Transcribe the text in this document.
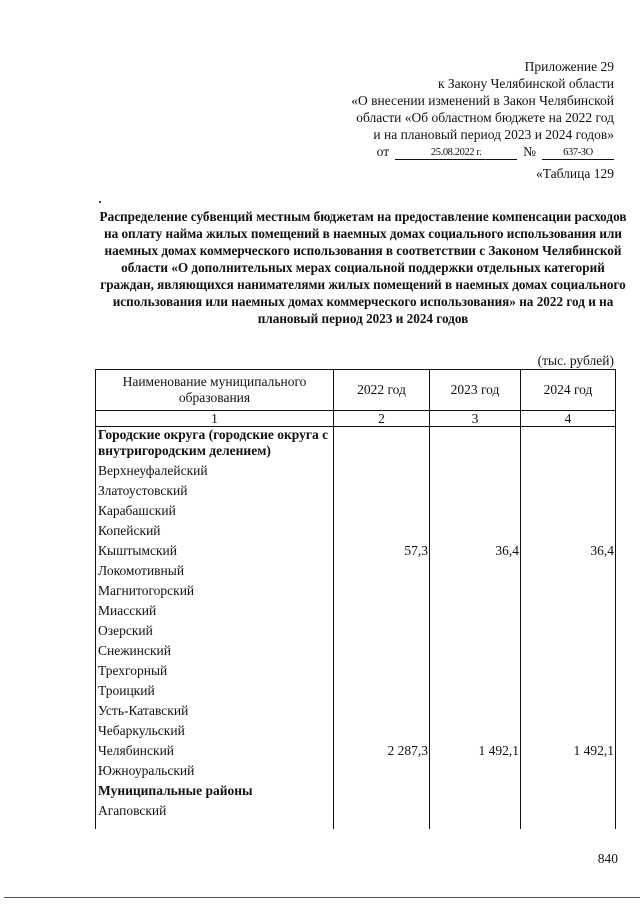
Приложение 29
к Закону Челябинской области
«О внесении изменений в Закон Челябинской
области «Об областном бюджете на 2022 год
и на плановый период 2023 и 2024 годов»
от	25.08.2022 г.	№	637-ЗО
«Таблица 129
Распределение субвенций местным бюджетам на предоставление компенсации расходов на оплату найма жилых помещений в наемных домах социального использования или наемных домах коммерческого использования в соответствии с Законом Челябинской области «О дополнительных мерах социальной поддержки отдельных категорий граждан, являющихся нанимателями жилых помещений в наемных домах социального использования или наемных домах коммерческого использования» на 2022 год и на плановый период 2023 и 2024 годов
(тыс. рублей)
Наименование муниципального образования	2022 год	2023 год	2024 год
1	2	3	4
Городские округа (городские округа с внутригородским делением)			
Верхнеуфалейский			
Златоустовский			
Карабашский			
Копейский			
Кыштымский	57,3	36,4	36,4
Локомотивный			
Магнитогорский			
Миасский			
Озерский			
Снежинский			
Трехгорный			
Троицкий			
Усть-Катавский			
Чебаркульский			
Челябинский	2 287,3	1 492,1	1 492,1
Южноуральский			
Муниципальные районы			
Агаповский			

840
